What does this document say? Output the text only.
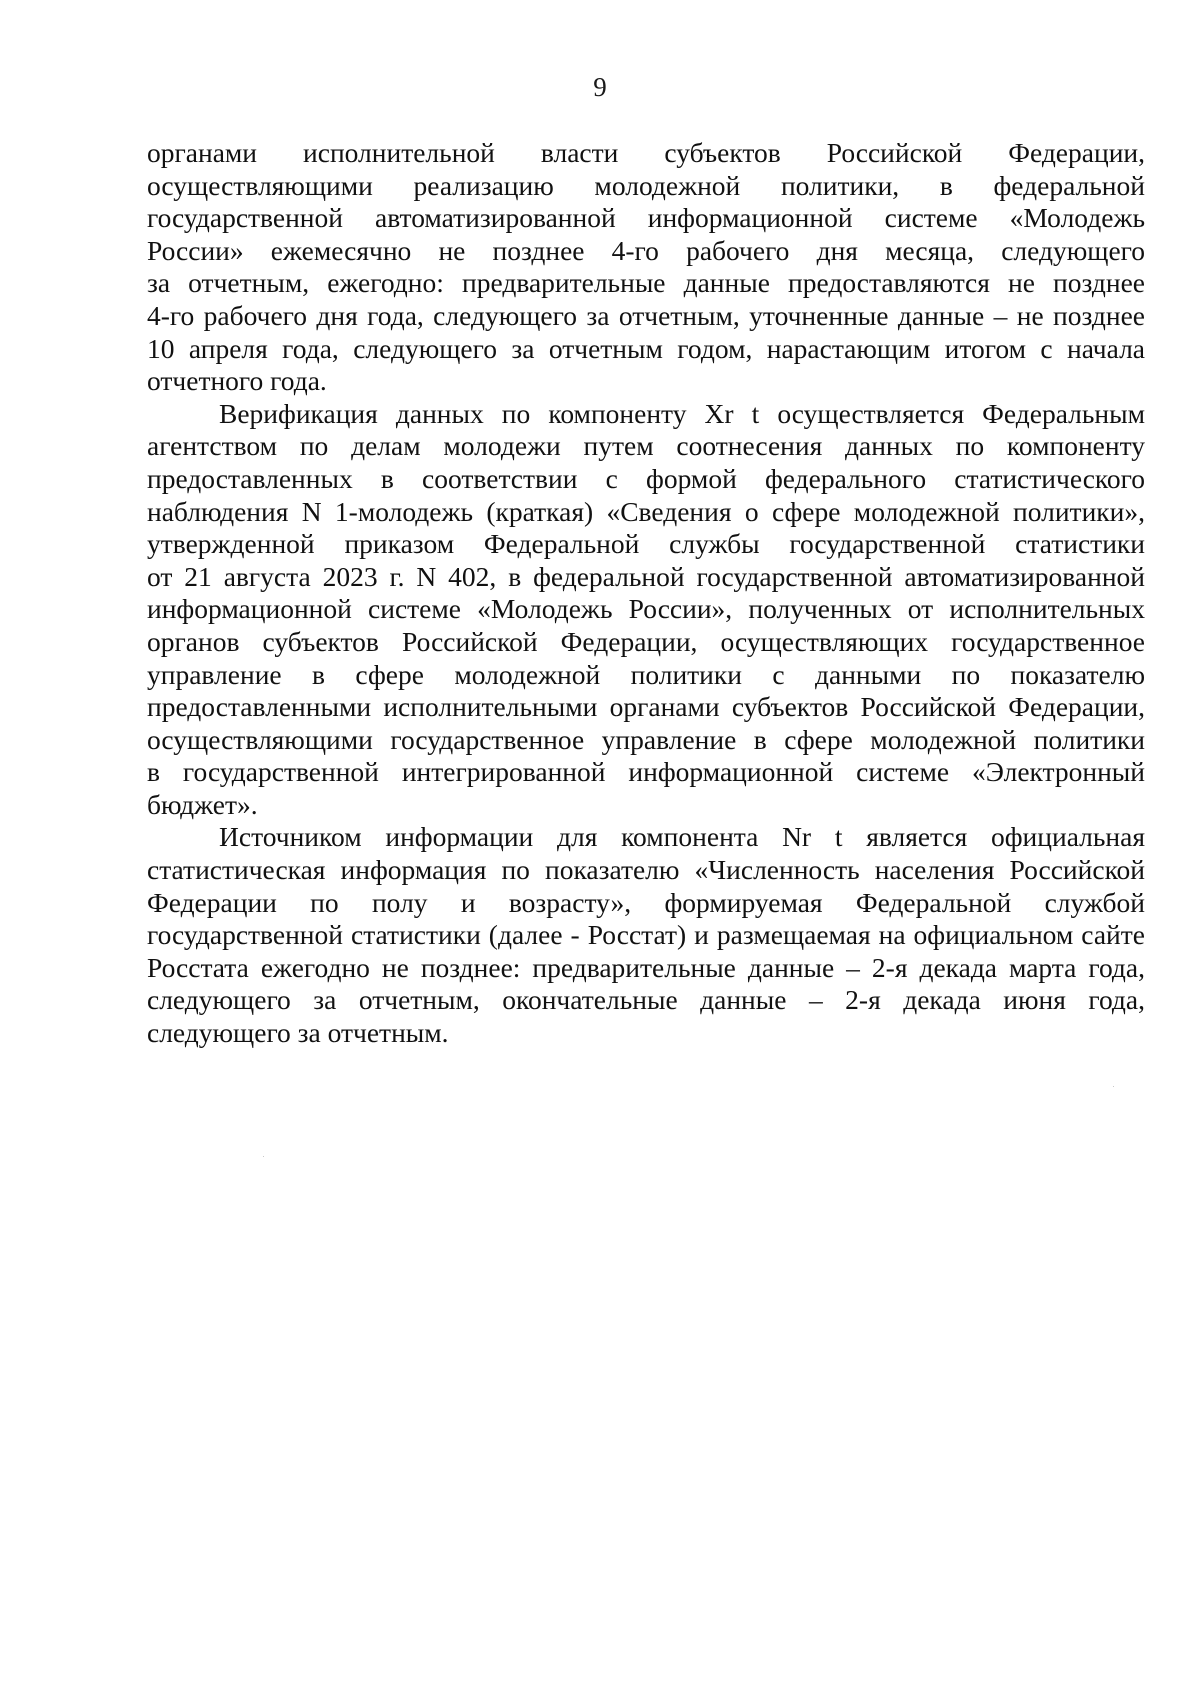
9

органами исполнительной власти субъектов Российской Федерации,
осуществляющими реализацию молодежной политики, в федеральной
государственной автоматизированной информационной системе «Молодежь
России» ежемесячно не позднее 4-го рабочего дня месяца, следующего
за отчетным, ежегодно: предварительные данные предоставляются не позднее
4-го рабочего дня года, следующего за отчетным, уточненные данные – не позднее
10 апреля года, следующего за отчетным годом, нарастающим итогом с начала
отчетного года.

Верификация данных по компоненту Xr t осуществляется Федеральным
агентством по делам молодежи путем соотнесения данных по компоненту
предоставленных в соответствии с формой федерального статистического
наблюдения N 1-молодежь (краткая) «Сведения о сфере молодежной политики»,
утвержденной приказом Федеральной службы государственной статистики
от 21 августа 2023 г. N 402, в федеральной государственной автоматизированной
информационной системе «Молодежь России», полученных от исполнительных
органов субъектов Российской Федерации, осуществляющих государственное
управление в сфере молодежной политики с данными по показателю
предоставленными исполнительными органами субъектов Российской Федерации,
осуществляющими государственное управление в сфере молодежной политики
в государственной интегрированной информационной системе «Электронный
бюджет».

Источником информации для компонента Nr t является официальная
статистическая информация по показателю «Численность населения Российской
Федерации по полу и возрасту», формируемая Федеральной службой
государственной статистики (далее - Росстат) и размещаемая на официальном сайте
Росстата ежегодно не позднее: предварительные данные – 2-я декада марта года,
следующего за отчетным, окончательные данные – 2-я декада июня года,
следующего за отчетным.
